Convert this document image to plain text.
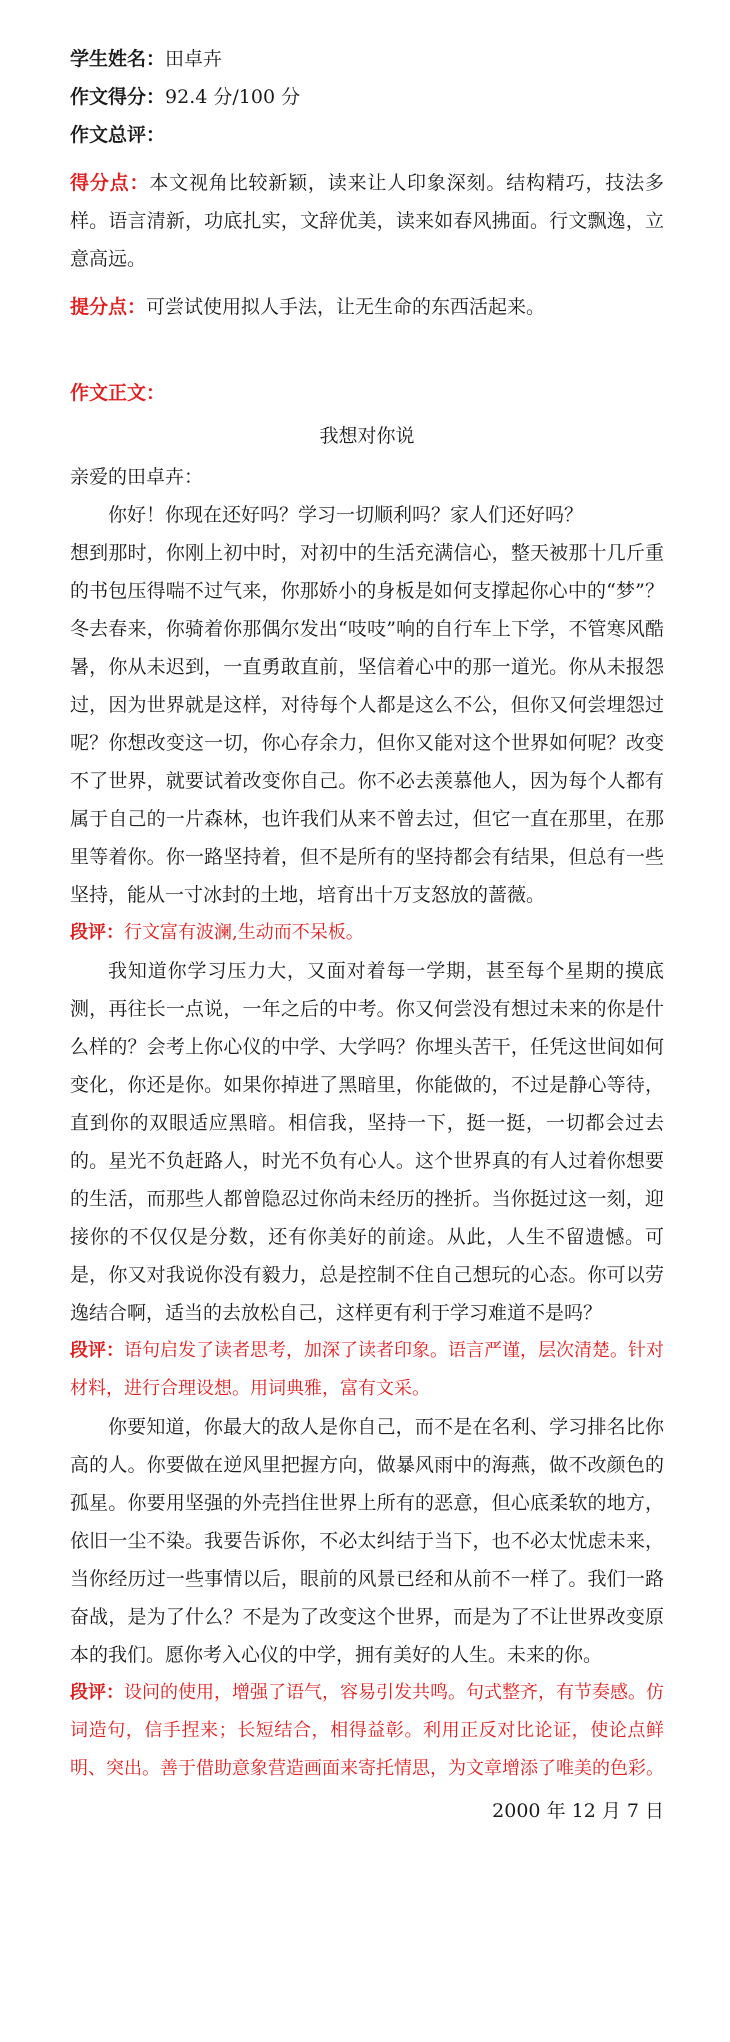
学生姓名：田卓卉
作文得分：92.4 分/100 分
作文总评：

得分点：本文视角比较新颖，读来让人印象深刻。结构精巧，技法多样。语言清新，功底扎实，文辞优美，读来如春风拂面。行文飘逸，立意高远。

提分点：可尝试使用拟人手法，让无生命的东西活起来。

作文正文：
我想对你说
亲爱的田卓卉：

你好！你现在还好吗？学习一切顺利吗？家人们还好吗？

想到那时，你刚上初中时，对初中的生活充满信心，整天被那十几斤重的书包压得喘不过气来，你那娇小的身板是如何支撑起你心中的“梦”？冬去春来，你骑着你那偶尔发出“吱吱”响的自行车上下学，不管寒风酷暑，你从未迟到，一直勇敢直前，坚信着心中的那一道光。你从未报怨过，因为世界就是这样，对待每个人都是这么不公，但你又何尝埋怨过呢？你想改变这一切，你心存余力，但你又能对这个世界如何呢？改变不了世界，就要试着改变你自己。你不必去羡慕他人，因为每个人都有属于自己的一片森林，也许我们从来不曾去过，但它一直在那里，在那里等着你。你一路坚持着，但不是所有的坚持都会有结果，但总有一些坚持，能从一寸冰封的土地，培育出十万支怒放的蔷薇。

段评：行文富有波澜,生动而不呆板。

我知道你学习压力大，又面对着每一学期，甚至每个星期的摸底测，再往长一点说，一年之后的中考。你又何尝没有想过未来的你是什么样的？会考上你心仪的中学、大学吗？你埋头苦干，任凭这世间如何变化，你还是你。如果你掉进了黑暗里，你能做的，不过是静心等待，直到你的双眼适应黑暗。相信我，坚持一下，挺一挺，一切都会过去的。星光不负赶路人，时光不负有心人。这个世界真的有人过着你想要的生活，而那些人都曾隐忍过你尚未经历的挫折。当你挺过这一刻，迎接你的不仅仅是分数，还有你美好的前途。从此，人生不留遗憾。可是，你又对我说你没有毅力，总是控制不住自己想玩的心态。你可以劳逸结合啊，适当的去放松自己，这样更有利于学习难道不是吗？

段评：语句启发了读者思考，加深了读者印象。语言严谨，层次清楚。针对材料，进行合理设想。用词典雅，富有文采。

你要知道，你最大的敌人是你自己，而不是在名利、学习排名比你高的人。你要做在逆风里把握方向，做暴风雨中的海燕，做不改颜色的孤星。你要用坚强的外壳挡住世界上所有的恶意，但心底柔软的地方，依旧一尘不染。我要告诉你，不必太纠结于当下，也不必太忧虑未来，当你经历过一些事情以后，眼前的风景已经和从前不一样了。我们一路奋战，是为了什么？不是为了改变这个世界，而是为了不让世界改变原本的我们。愿你考入心仪的中学，拥有美好的人生。未来的你。

段评：设问的使用，增强了语气，容易引发共鸣。句式整齐，有节奏感。仿词造句，信手捏来；长短结合，相得益彰。利用正反对比论证，使论点鲜明、突出。善于借助意象营造画面来寄托情思，为文章增添了唯美的色彩。

2000 年 12 月 7 日
